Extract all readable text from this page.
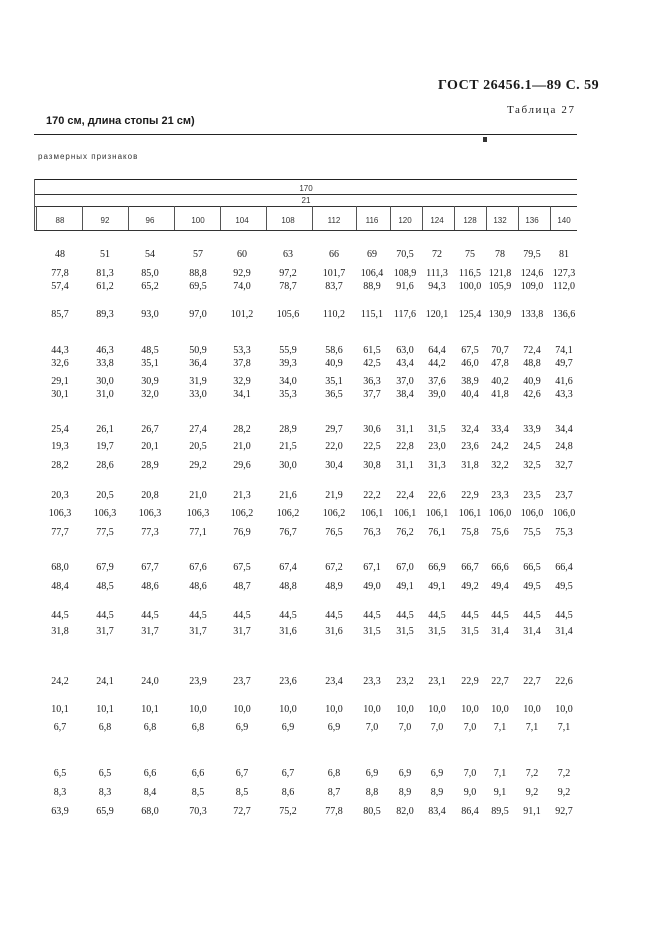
ГОСТ 26456.1—89 С. 59
Таблица 27
170 см, длина стопы 21 см)
размерных признаков
170
21
88	92	96	100	104	108	112	116	120	124	128	132	136	140
48	51	54	57	60	63	66	69	70,5	72	75	78	79,5	81
77,8	81,3	85,0	88,8	92,9	97,2	101,7	106,4	108,9 111,3	116,5 121,8 124,6 127,3
57,4	61,2	65,2	69,5	74,0	78,7	83,7	88,9	91,6	94,3	100,0 105,9 109,0 112,0
85,7	89,3	93,0	97,0	101,2	105,6	110,2	115,1	117,6 120,1	125,4 130,9 133,8 136,6
44,3	46,3	48,5	50,9	53,3	55,9	58,6	61,5	63,0	64,4	67,5	70,7	72,4	74,1
32,6	33,8	35,1	36,4	37,8	39,3	40,9	42,5	43,4	44,2	46,0	47,8	48,8	49,7
29,1	30,0	30,9	31,9	32,9	34,0	35,1	36,3	37,0	37,6	38,9	40,2	40,9	41,6
30,1	31,0	32,0	33,0	34,1	35,3	36,5	37,7	38,4	39,0	40,4	41,8	42,6	43,3
25,4	26,1	26,7	27,4	28,2	28,9	29,7	30,6	31,1	31,5	32,4	33,4	33,9	34,4
19,3	19,7	20,1	20,5	21,0	21,5	22,0	22,5	22,8	23,0	23,6	24,2	24,5	24,8
28,2	28,6	28,9	29,2	29,6	30,0	30,4	30,8	31,1	31,3	31,8	32,2	32,5	32,7
20,3	20,5	20,8	21,0	21,3	21,6	21,9	22,2	22,4	22,6	22,9	23,3	23,5	23,7
106,3	106,3	106,3	106,3	106,2	106,2	106,2	106,1	106,1 106,1	106,1 106,0 106,0 106,0
77,7	77,5	77,3	77,1	76,9	76,7	76,5	76,3	76,2	76,1	75,8	75,6	75,5	75,3
68,0	67,9	67,7	67,6	67,5	67,4	67,2	67,1	67,0	66,9	66,7	66,6	66,5	66,4
48,4	48,5	48,6	48,6	48,7	48,8	48,9	49,0	49,1	49,1	49,2	49,4	49,5	49,5
44,5	44,5	44,5	44,5	44,5	44,5	44,5	44,5	44,5	44,5	44,5	44,5	44,5	44,5
31,8	31,7	31,7	31,7	31,7	31,6	31,6	31,5	31,5	31,5	31,5	31,4	31,4	31,4
24,2	24,1	24,0	23,9	23,7	23,6	23,4	23,3	23,2	23,1	22,9	22,7	22,7	22,6
10,1	10,1	10,1	10,0	10,0	10,0	10,0	10,0	10,0	10,0	10,0	10,0	10,0	10,0
6,7	6,8	6,8	6,8	6,9	6,9	6,9	7,0	7,0	7,0	7,0	7,1	7,1	7,1
6,5	6,5	6,6	6,6	6,7	6,7	6,8	6,9	6,9	6,9	7,0	7,1	7,2	7,2
8,3	8,3	8,4	8,5	8,5	8,6	8,7	8,8	8,9	8,9	9,0	9,1	9,2	9,2
63,9	65,9	68,0	70,3	72,7	75,2	77,8	80,5	82,0	83,4	86,4	89,5	91,1	92,7
